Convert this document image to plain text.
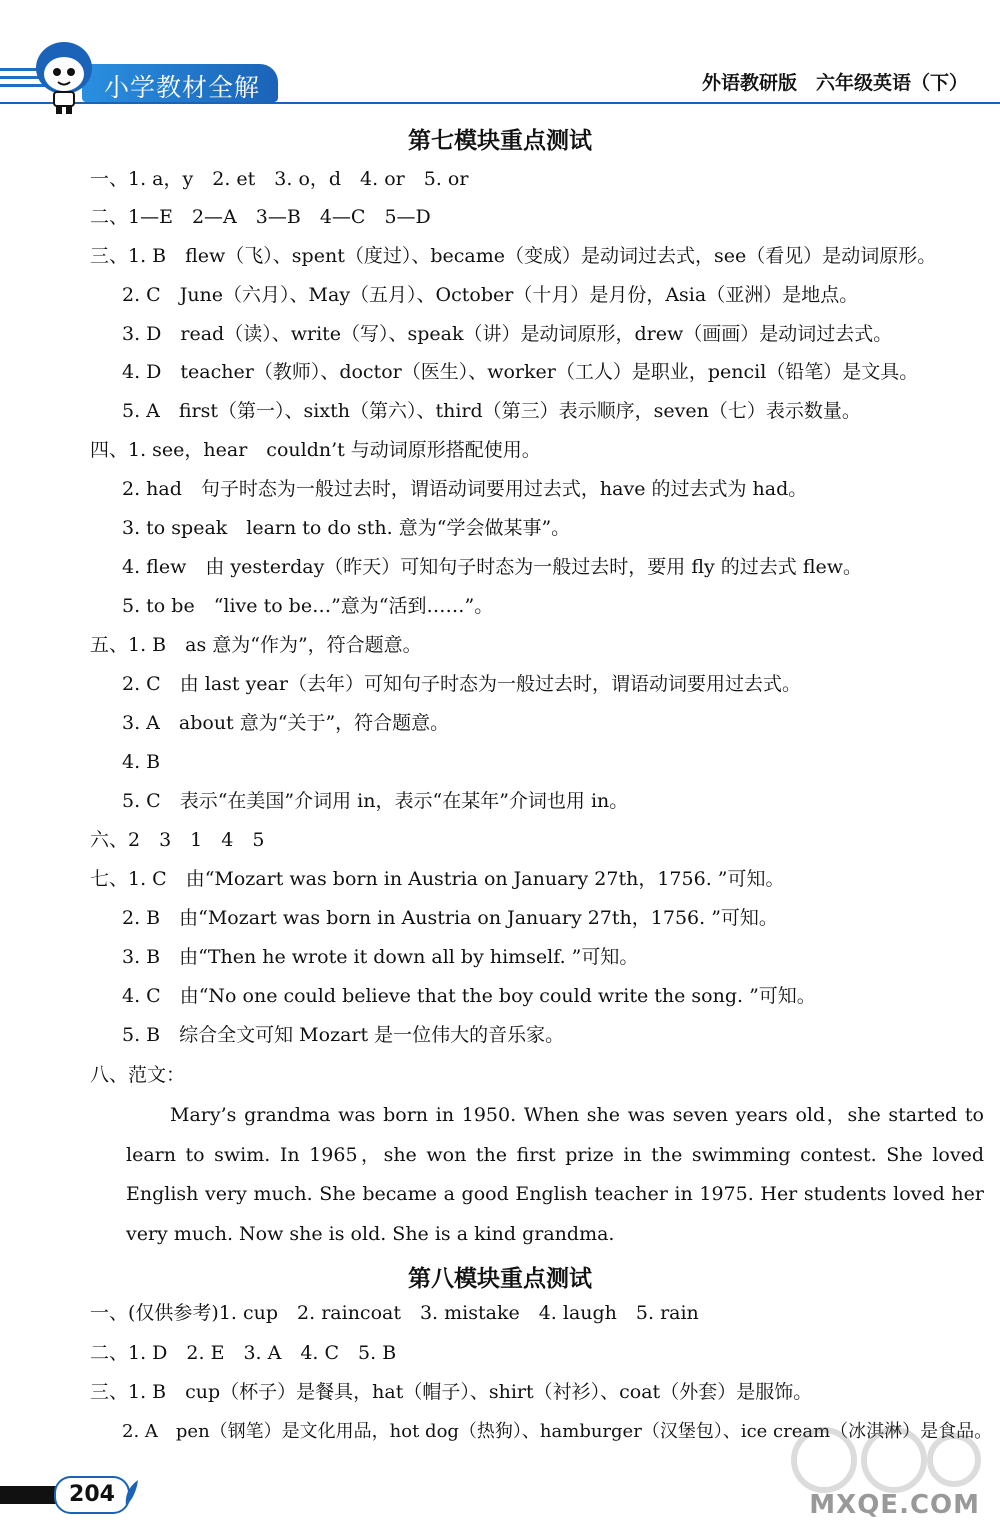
小学教材全解	外语教研版　六年级英语（下）
第七模块重点测试
一、1. a，y　2. et　3. o，d　4. or　5. or
二、1—E　2—A　3—B　4—C　5—D
三、1. B　flew（飞）、spent（度过）、became（变成）是动词过去式，see（看见）是动词原形。
2. C　June（六月）、May（五月）、October（十月）是月份，Asia（亚洲）是地点。
3. D　read（读）、write（写）、speak（讲）是动词原形，drew（画画）是动词过去式。
4. D　teacher（教师）、doctor（医生）、worker（工人）是职业，pencil（铅笔）是文具。
5. A　first（第一）、sixth（第六）、third（第三）表示顺序，seven（七）表示数量。
四、1. see，hear　couldn’t 与动词原形搭配使用。
2. had　句子时态为一般过去时，谓语动词要用过去式，have 的过去式为 had。
3. to speak　learn to do sth. 意为“学会做某事”。
4. flew　由 yesterday（昨天）可知句子时态为一般过去时，要用 fly 的过去式 flew。
5. to be　“live to be…”意为“活到……”。
五、1. B　as 意为“作为”，符合题意。
2. C　由 last year（去年）可知句子时态为一般过去时，谓语动词要用过去式。
3. A　about 意为“关于”，符合题意。
4. B
5. C　表示“在美国”介词用 in，表示“在某年”介词也用 in。
六、2　3　1　4　5
七、1. C　由“Mozart was born in Austria on January 27th，1756. ”可知。
2. B　由“Mozart was born in Austria on January 27th，1756. ”可知。
3. B　由“Then he wrote it down all by himself. ”可知。
4. C　由“No one could believe that the boy could write the song. ”可知。
5. B　综合全文可知 Mozart 是一位伟大的音乐家。
八、范文：
Mary’s grandma was born in 1950. When she was seven years old，she started to learn to swim. In 1965，she won the first prize in the swimming contest. She loved English very much. She became a good English teacher in 1975. Her students loved her very much. Now she is old. She is a kind grandma.
第八模块重点测试
一、(仅供参考)1. cup　2. raincoat　3. mistake　4. laugh　5. rain
二、1. D　2. E　3. A　4. C　5. B
三、1. B　cup（杯子）是餐具，hat（帽子）、shirt（衬衫）、coat（外套）是服饰。
2. A　pen（钢笔）是文化用品，hot dog（热狗）、hamburger（汉堡包）、ice cream（冰淇淋）是食品。
204	MXQE.COM
